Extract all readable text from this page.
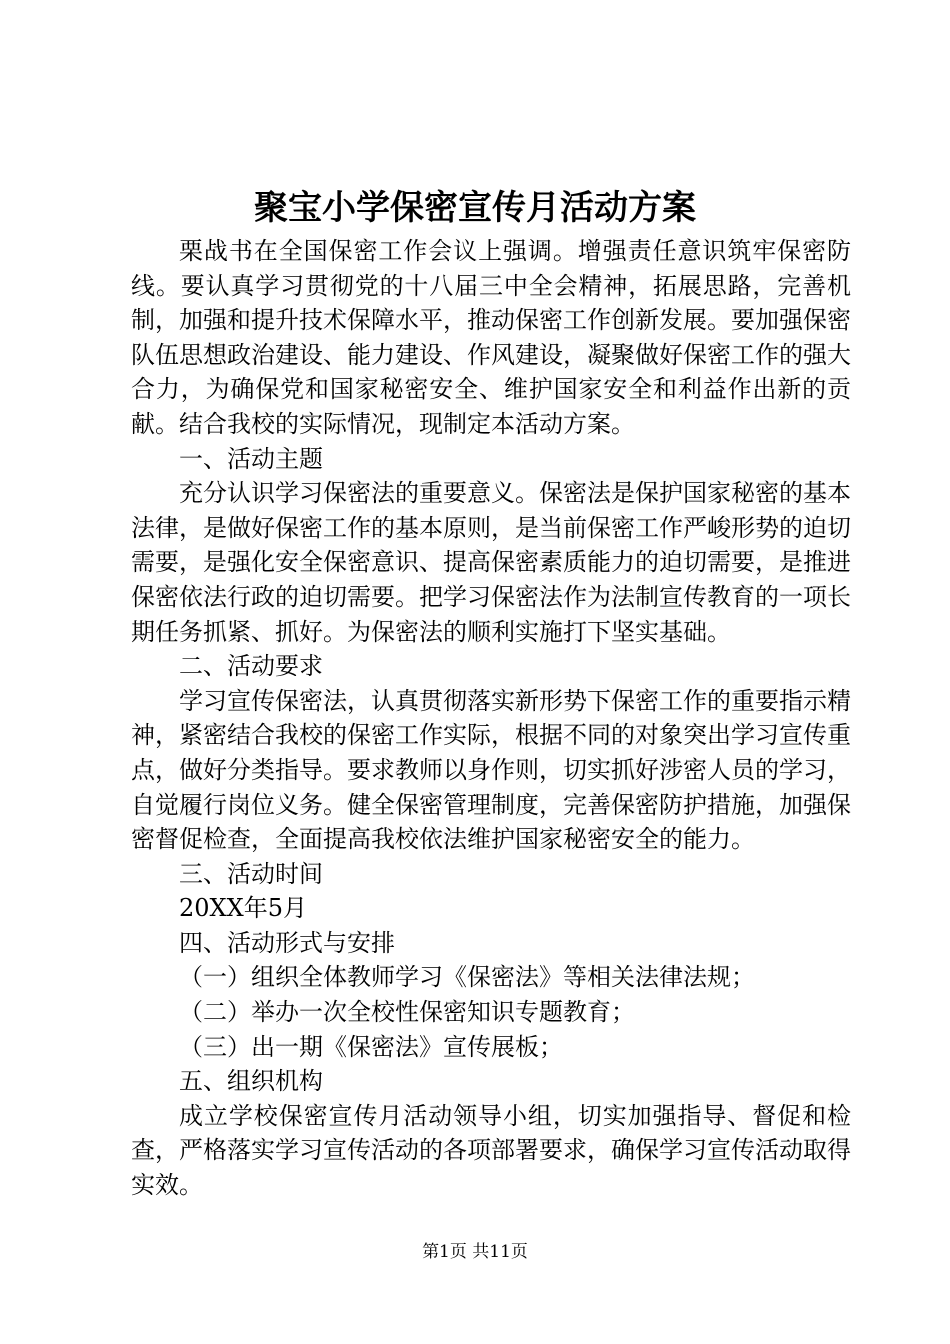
聚宝小学保密宣传月活动方案

栗战书在全国保密工作会议上强调。增强责任意识筑牢保密防线。要认真学习贯彻党的十八届三中全会精神，拓展思路，完善机制，加强和提升技术保障水平，推动保密工作创新发展。要加强保密队伍思想政治建设、能力建设、作风建设，凝聚做好保密工作的强大合力，为确保党和国家秘密安全、维护国家安全和利益作出新的贡献。结合我校的实际情况，现制定本活动方案。

一、活动主题

充分认识学习保密法的重要意义。保密法是保护国家秘密的基本法律，是做好保密工作的基本原则，是当前保密工作严峻形势的迫切需要，是强化安全保密意识、提高保密素质能力的迫切需要，是推进保密依法行政的迫切需要。把学习保密法作为法制宣传教育的一项长期任务抓紧、抓好。为保密法的顺利实施打下坚实基础。

二、活动要求

学习宣传保密法，认真贯彻落实新形势下保密工作的重要指示精神，紧密结合我校的保密工作实际，根据不同的对象突出学习宣传重点，做好分类指导。要求教师以身作则，切实抓好涉密人员的学习，自觉履行岗位义务。健全保密管理制度，完善保密防护措施，加强保密督促检查，全面提高我校依法维护国家秘密安全的能力。

三、活动时间

20XX年5月

四、活动形式与安排

（一）组织全体教师学习《保密法》等相关法律法规；

（二）举办一次全校性保密知识专题教育；

（三）出一期《保密法》宣传展板；

五、组织机构

成立学校保密宣传月活动领导小组，切实加强指导、督促和检查，严格落实学习宣传活动的各项部署要求，确保学习宣传活动取得实效。

第1页 共11页
